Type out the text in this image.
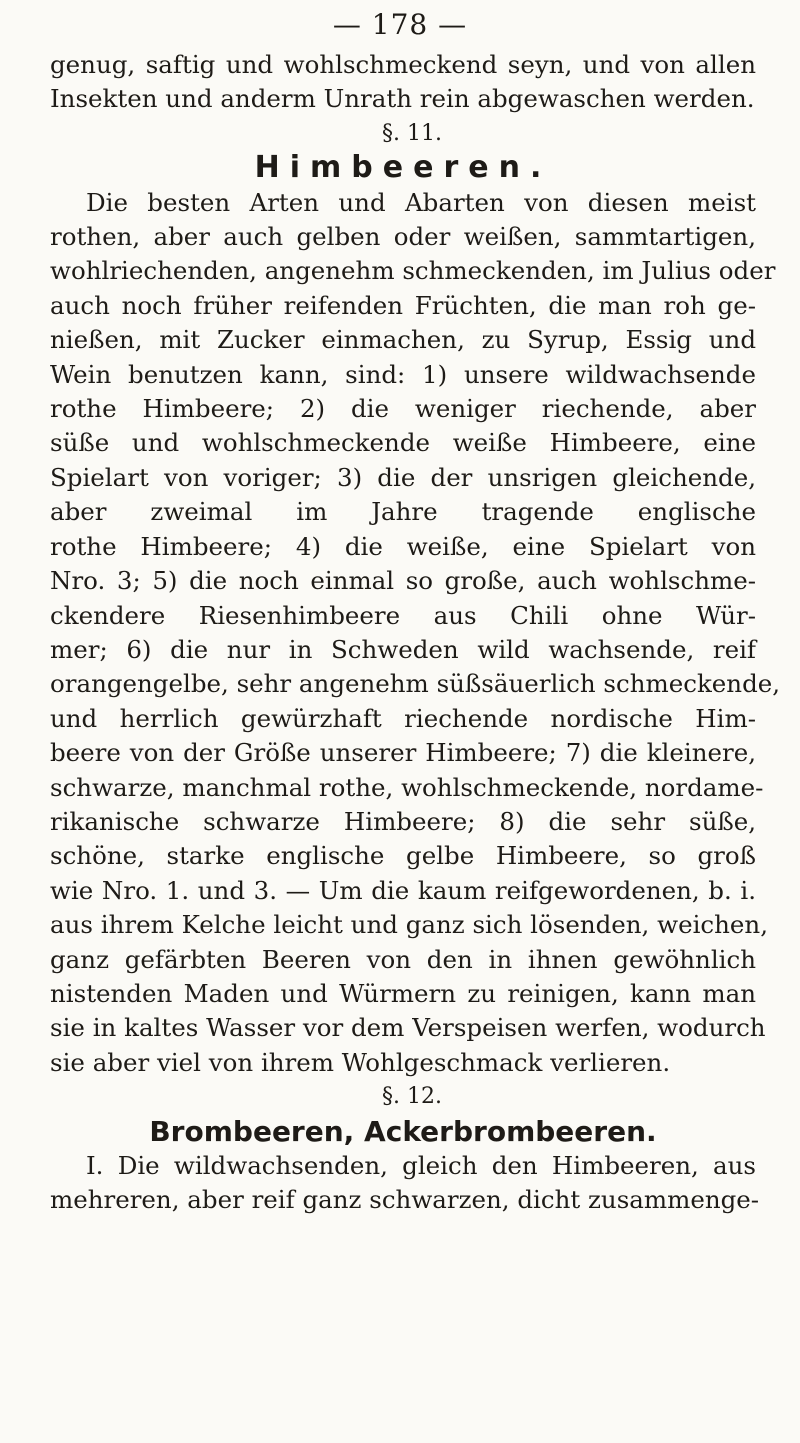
— 178 —
genug, saftig und wohlschmeckend seyn, und von allen
Insekten und anderm Unrath rein abgewaschen werden.
§. 11.
Himbeeren.
Die besten Arten und Abarten von diesen meist
rothen, aber auch gelben oder weißen, sammtartigen,
wohlriechenden, angenehm schmeckenden, im Julius oder
auch noch früher reifenden Früchten, die man roh ge-
nießen, mit Zucker einmachen, zu Syrup, Essig und
Wein benutzen kann, sind: 1) unsere wildwachsende
rothe Himbeere; 2) die weniger riechende, aber
süße und wohlschmeckende weiße Himbeere, eine
Spielart von voriger; 3) die der unsrigen gleichende,
aber zweimal im Jahre tragende englische
rothe Himbeere; 4) die weiße, eine Spielart von
Nro. 3; 5) die noch einmal so große, auch wohlschme-
ckendere Riesenhimbeere aus Chili ohne Wür-
mer; 6) die nur in Schweden wild wachsende, reif
orangengelbe, sehr angenehm süßsäuerlich schmeckende,
und herrlich gewürzhaft riechende nordische Him-
beere von der Größe unserer Himbeere; 7) die kleinere,
schwarze, manchmal rothe, wohlschmeckende, nordame-
rikanische schwarze Himbeere; 8) die sehr süße,
schöne, starke englische gelbe Himbeere, so groß
wie Nro. 1. und 3. — Um die kaum reifgewordenen, b. i.
aus ihrem Kelche leicht und ganz sich lösenden, weichen,
ganz gefärbten Beeren von den in ihnen gewöhnlich
nistenden Maden und Würmern zu reinigen, kann man
sie in kaltes Wasser vor dem Verspeisen werfen, wodurch
sie aber viel von ihrem Wohlgeschmack verlieren.
§. 12.
Brombeeren, Ackerbrombeeren.
I. Die wildwachsenden, gleich den Himbeeren, aus
mehreren, aber reif ganz schwarzen, dicht zusammenge-
